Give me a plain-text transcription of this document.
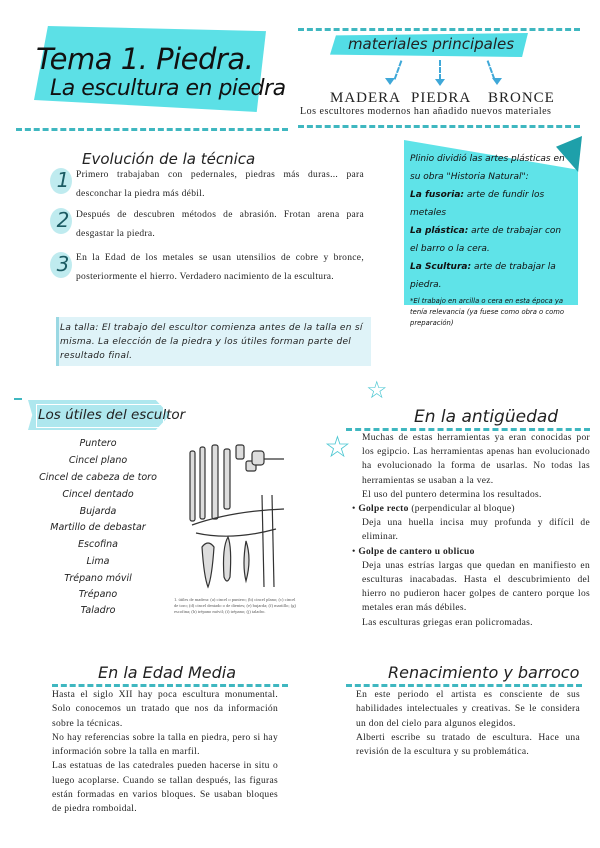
Tema 1. Piedra.
La escultura en piedra
materiales principales
MADERA PIEDRA BRONCE
Los escultores modernos han añadido nuevos materiales
Evolución de la técnica
1 Primero trabajaban con pedernales, piedras más duras... para desconchar la piedra más débil.
2 Después de descubren métodos de abrasión. Frotan arena para desgastar la piedra.
3 En la Edad de los metales se usan utensilios de cobre y bronce, posteriormente el hierro. Verdadero nacimiento de la escultura.
La talla: El trabajo del escultor comienza antes de la talla en sí misma. La elección de la piedra y los útiles forman parte del resultado final.
Plinio dividió las artes plásticas en su obra "Historia Natural":
La fusoria: arte de fundir los metales
La plástica: arte de trabajar con el barro o la cera.
La Scultura: arte de trabajar la piedra.
*El trabajo en arcilla o cera en esta época ya tenía relevancia (ya fuese como obra o como preparación)
☆
☆
Los útiles del escultor
Puntero
Cincel plano
Cincel de cabeza de toro
Cincel dentado
Bujarda
Martillo de debastar
Escofina
Lima
Trépano móvil
Trépano
Taladro
1. útiles de madera: (a) cincel o puntero; (b) cincel plano; (c) cincel de toro; (d) cincel dentado o de dientes; (e) bujarda; (f) martillo; (g) escofina; (h) trépano móvil; (i) trépano; (j) taladro.
En la antigüedad

Muchas de estas herramientas ya eran conocidas por los egipcio. Las herramientas apenas han evolucionado ha evolucionado la forma de usarlas. No todas las herramientas se usaban a la vez.

El uso del puntero determina los resultados.

• Golpe recto (perpendicular al bloque)

Deja una huella incisa muy profunda y difícil de eliminar.

• Golpe de cantero u oblicuo

Deja unas estrías largas que quedan en manifiesto en esculturas inacabadas. Hasta el descubrimiento del hierro no pudieron hacer golpes de cantero porque los metales eran más débiles.

Las esculturas griegas eran policromadas.

En la Edad Media

Hasta el siglo XII hay poca escultura monumental. Solo conocemos un tratado que nos da información sobre la técnicas.

No hay referencias sobre la talla en piedra, pero si hay información sobre la talla en marfil.

Las estatuas de las catedrales pueden hacerse in situ o luego acoplarse. Cuando se tallan después, las figuras están formadas en varios bloques. Se usaban bloques de piedra romboidal.

Renacimiento y barroco

En este periodo el artista es consciente de sus habilidades intelectuales y creativas. Se le considera un don del cielo para algunos elegidos.

Alberti escribe su tratado de escultura. Hace una revisión de la escultura y su problemática.
